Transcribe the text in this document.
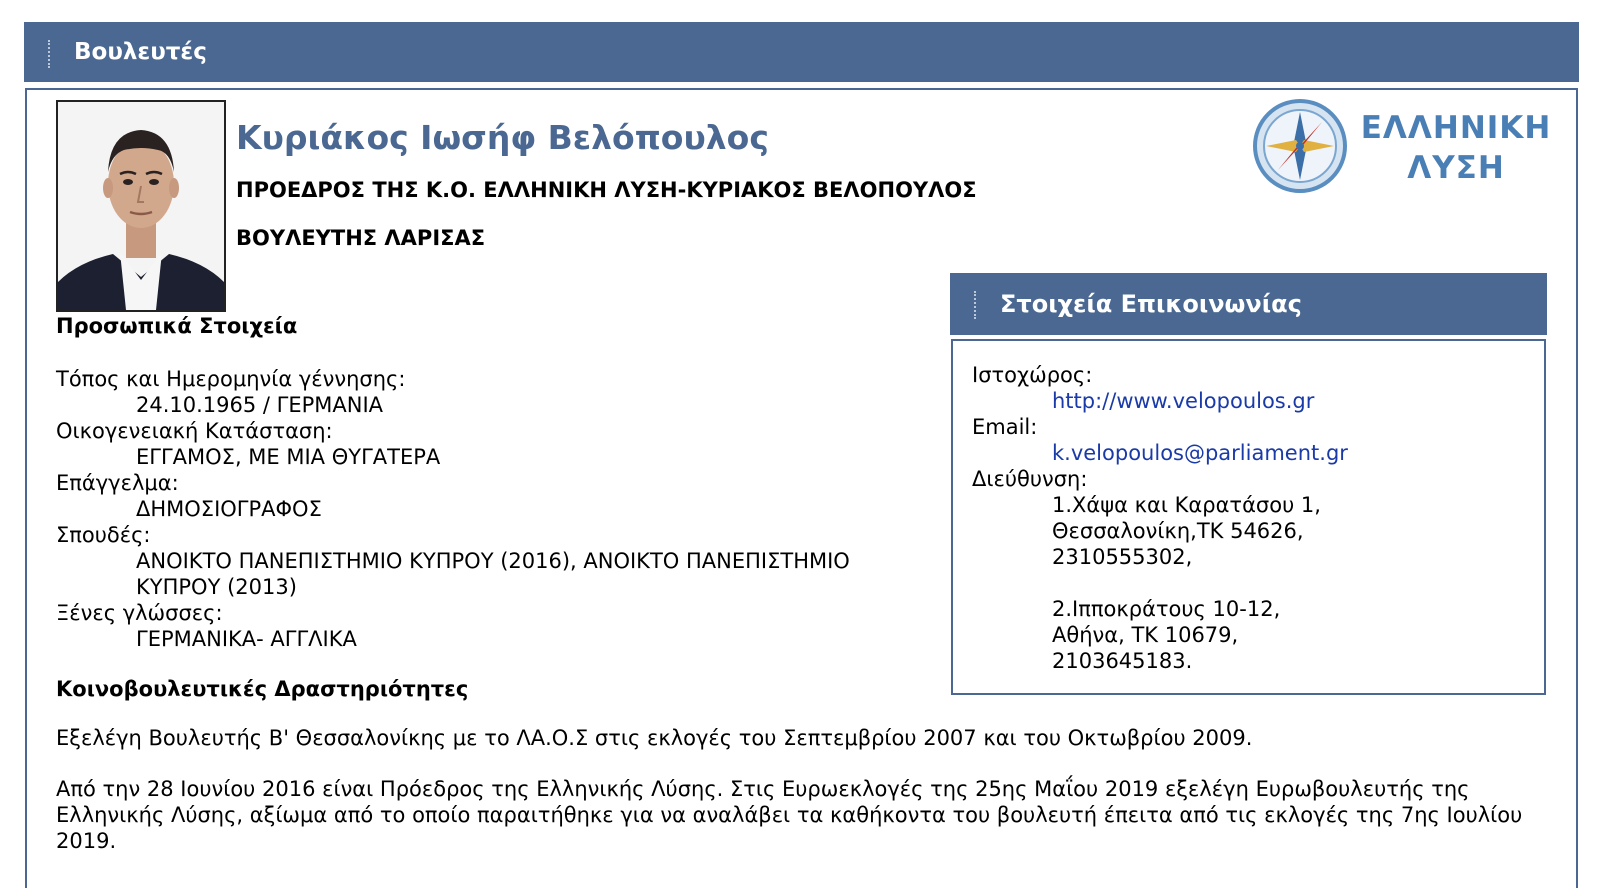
Βουλευτές
Κυριάκος Ιωσήφ Βελόπουλος
ΠΡΟΕΔΡΟΣ ΤΗΣ Κ.Ο. ΕΛΛΗΝΙΚΗ ΛΥΣΗ-ΚΥΡΙΑΚΟΣ ΒΕΛΟΠΟΥΛΟΣ
ΒΟΥΛΕΥΤΗΣ ΛΑΡΙΣΑΣ
ΕΛΛΗΝΙΚΗ
ΛΥΣΗ
Προσωπικά Στοιχεία
Τόπος και Ημερομηνία γέννησης:
24.10.1965 / ΓΕΡΜΑΝΙΑ
Οικογενειακή Κατάσταση:
ΕΓΓΑΜΟΣ, ΜΕ ΜΙΑ ΘΥΓΑΤΕΡΑ
Επάγγελμα:
ΔΗΜΟΣΙΟΓΡΑΦΟΣ
Σπουδές:
ΑΝΟΙΚΤΟ ΠΑΝΕΠΙΣΤΗΜΙΟ ΚΥΠΡΟΥ (2016), ΑΝΟΙΚΤΟ ΠΑΝΕΠΙΣΤΗΜΙΟ ΚΥΠΡΟΥ (2013)
Ξένες γλώσσες:
ΓΕΡΜΑΝΙΚΑ- ΑΓΓΛΙΚΑ
Στοιχεία Επικοινωνίας
Ιστοχώρος:
http://www.velopoulos.gr
Email:
k.velopoulos@parliament.gr
Διεύθυνση:
1.Χάψα και Καρατάσου 1,
Θεσσαλονίκη,ΤΚ 54626,
2310555302,
2.Ιπποκράτους 10-12,
Αθήνα, ΤΚ 10679,
2103645183.
Κοινοβουλευτικές Δραστηριότητες
Εξελέγη Βουλευτής Β' Θεσσαλονίκης με το ΛΑ.Ο.Σ στις εκλογές του Σεπτεμβρίου 2007 και του Οκτωβρίου 2009.
Από την 28 Ιουνίου 2016 είναι Πρόεδρος της Ελληνικής Λύσης. Στις Ευρωεκλογές της 25ης Μαΐου 2019 εξελέγη Ευρωβουλευτής της Ελληνικής Λύσης, αξίωμα από το οποίο παραιτήθηκε για να αναλάβει τα καθήκοντα του βουλευτή έπειτα από τις εκλογές της 7ης Ιουλίου 2019.
